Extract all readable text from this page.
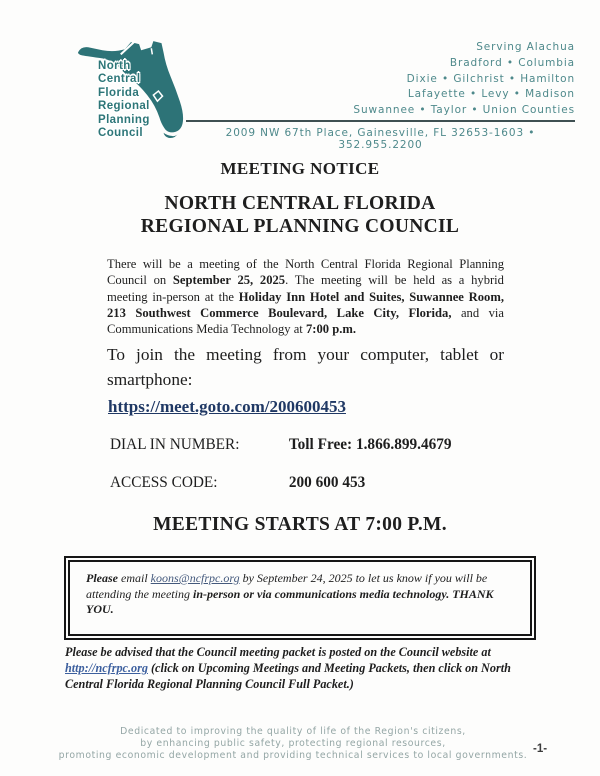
North
Central
Florida
Regional
Planning
Council
Serving Alachua
Bradford • Columbia
Dixie • Gilchrist • Hamilton
Lafayette • Levy • Madison
Suwannee • Taylor • Union Counties
2009 NW 67th Place, Gainesville, FL 32653-1603 • 352.955.2200
MEETING NOTICE
NORTH CENTRAL FLORIDA
REGIONAL PLANNING COUNCIL
There will be a meeting of the North Central Florida Regional Planning Council on September 25, 2025. The meeting will be held as a hybrid meeting in-person at the Holiday Inn Hotel and Suites, Suwannee Room, 213 Southwest Commerce Boulevard, Lake City, Florida, and via Communications Media Technology at 7:00 p.m.
To join the meeting from your computer, tablet or smartphone:
https://meet.goto.com/200600453
DIAL IN NUMBER:	Toll Free: 1.866.899.4679
ACCESS CODE:	200 600 453
MEETING STARTS AT 7:00 P.M.
Please email koons@ncfrpc.org by September 24, 2025 to let us know if you will be attending the meeting in-person or via communications media technology. THANK YOU.
Please be advised that the Council meeting packet is posted on the Council website at http://ncfrpc.org (click on Upcoming Meetings and Meeting Packets, then click on North Central Florida Regional Planning Council Full Packet.)
Dedicated to improving the quality of life of the Region's citizens,
by enhancing public safety, protecting regional resources,
promoting economic development and providing technical services to local governments.
-1-
